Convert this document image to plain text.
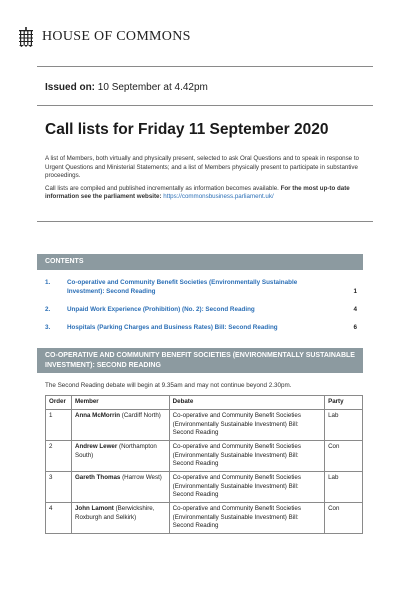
HOUSE OF COMMONS
Issued on: 10 September at 4.42pm
Call lists for Friday 11 September 2020

A list of Members, both virtually and physically present, selected to ask Oral Questions and to speak in response to Urgent Questions and Ministerial Statements; and a list of Members physically present to participate in substantive proceedings.

Call lists are compiled and published incrementally as information becomes available. For the most up-to date information see the parliament website: https://commonsbusiness.parliament.uk/

CONTENTS
1.	Co-operative and Community Benefit Societies (Environmentally Sustainable Investment): Second Reading	1
2.	Unpaid Work Experience (Prohibition) (No. 2): Second Reading	4
3.	Hospitals (Parking Charges and Business Rates) Bill: Second Reading	6
CO-OPERATIVE AND COMMUNITY BENEFIT SOCIETIES (ENVIRONMENTALLY SUSTAINABLE INVESTMENT): SECOND READING
The Second Reading debate will begin at 9.35am and may not continue beyond 2.30pm.
Order	Member	Debate	Party
1	Anna McMorrin (Cardiff North)	Co-operative and Community Benefit Societies (Environmentally Sustainable Investment) Bill: Second Reading	Lab
2	Andrew Lewer (Northampton South)	Co-operative and Community Benefit Societies (Environmentally Sustainable Investment) Bill: Second Reading	Con
3	Gareth Thomas (Harrow West)	Co-operative and Community Benefit Societies (Environmentally Sustainable Investment) Bill: Second Reading	Lab
4	John Lamont (Berwickshire, Roxburgh and Selkirk)	Co-operative and Community Benefit Societies (Environmentally Sustainable Investment) Bill: Second Reading	Con
